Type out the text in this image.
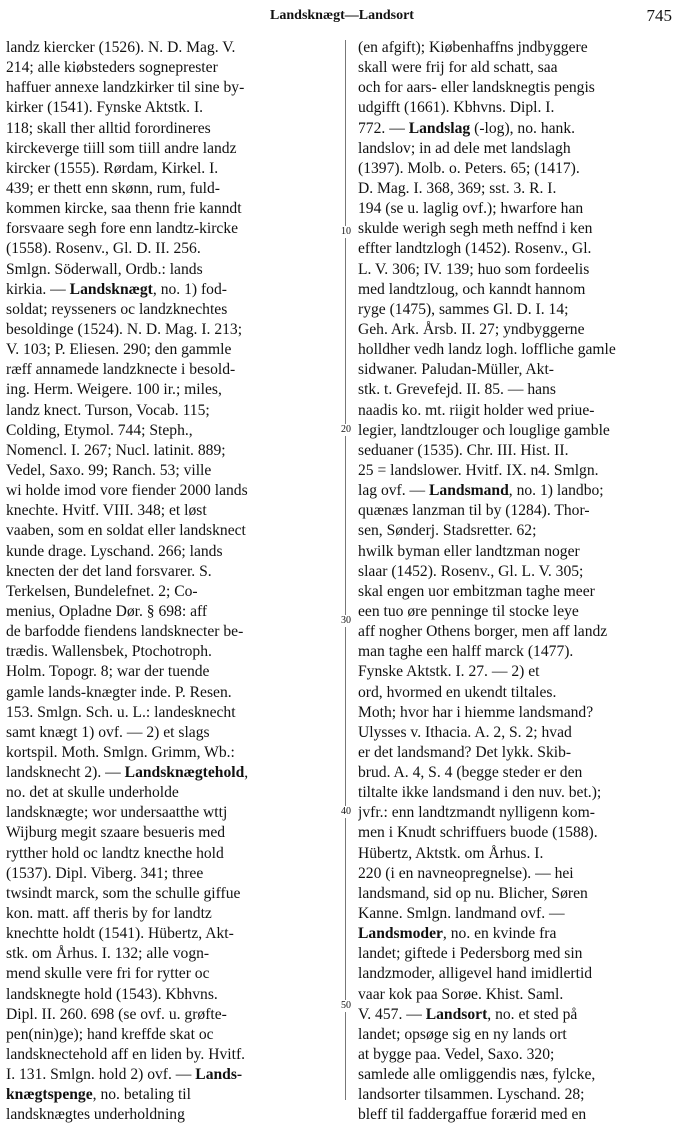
Landsknægt—Landsort	745
landz kiercker (1526). N. D. Mag. V.
214; alle kiøbsteders sogneprester
haffuer annexe landzkirker til sine by-
kirker (1541). Fynske Aktstk. I.
118; skall ther alltid forordineres
kirckeverge tiill som tiill andre landz
kircker (1555). Rørdam, Kirkel. I.
439; er thett enn skønn, rum, fuld-
kommen kircke, saa thenn frie kanndt
forsvaare segh fore enn landtz-kircke
(1558). Rosenv., Gl. D. II. 256.
Smlgn. Söderwall, Ordb.: lands
kirkia. — Landsknægt, no. 1) fod-
soldat; reysseners oc landzknechtes
besoldinge (1524). N. D. Mag. I. 213;
V. 103; P. Eliesen. 290; den gammle
ræff annamede landzknecte i besold-
ing. Herm. Weigere. 100 ir.; miles,
landz knect. Turson, Vocab. 115;
Colding, Etymol. 744; Steph.,
Nomencl. I. 267; Nucl. latinit. 889;
Vedel, Saxo. 99; Ranch. 53; ville
wi holde imod vore fiender 2000 lands
knechte. Hvitf. VIII. 348; et løst
vaaben, som en soldat eller landsknect
kunde drage. Lyschand. 266; lands
knecten der det land forsvarer. S.
Terkelsen, Bundelefnet. 2; Co-
menius, Opladne Dør. § 698: aff
de barfodde fiendens landsknecter be-
trædis. Wallensbek, Ptochotroph.
Holm. Topogr. 8; war der tuende
gamle lands-knægter inde. P. Resen.
153. Smlgn. Sch. u. L.: landesknecht
samt knægt 1) ovf. — 2) et slags
kortspil. Moth. Smlgn. Grimm, Wb.:
landsknecht 2). — Landsknægtehold,
no. det at skulle underholde
landsknægte; wor undersaatthe wttj
Wijburg megit szaare besueris med
rytther hold oc landtz knecthe hold
(1537). Dipl. Viberg. 341; three
twsindt marck, som the schulle giffue
kon. matt. aff theris by for landtz
knechtte holdt (1541). Hübertz, Akt-
stk. om Århus. I. 132; alle vogn-
mend skulle vere fri for rytter oc
landsknegte hold (1543). Kbhvns.
Dipl. II. 260. 698 (se ovf. u. grøfte-
pen(nin)ge); hand kreffde skat oc
landsknectehold aff en liden by. Hvitf.
I. 131. Smlgn. hold 2) ovf. — Lands-
knægtspenge, no. betaling til
landsknægtes underholdning
10
20
30
40
50
(en afgift); Kiøbenhaffns jndbyggere
skall were frij for ald schatt, saa
och for aars- eller landsknegtis pengis
udgifft (1661). Kbhvns. Dipl. I.
772. — Landslag (-log), no. hank.
landslov; in ad dele met landslagh
(1397). Molb. o. Peters. 65; (1417).
D. Mag. I. 368, 369; sst. 3. R. I.
194 (se u. laglig ovf.); hwarfore han
skulde werigh segh meth neffnd i ken
effter landtzlogh (1452). Rosenv., Gl.
L. V. 306; IV. 139; huo som fordeelis
med landtzloug, och kanndt hannom
ryge (1475), sammes Gl. D. I. 14;
Geh. Ark. Årsb. II. 27; yndbyggerne
holldher vedh landz logh. loffliche gamle
sidwaner. Paludan-Müller, Akt-
stk. t. Grevefejd. II. 85. — hans
naadis ko. mt. riigit holder wed priue-
legier, landtzlouger och louglige gamble
seduaner (1535). Chr. III. Hist. II.
25 = landslower. Hvitf. IX. n4. Smlgn.
lag ovf. — Landsmand, no. 1) landbo;
quænæs lanzman til by (1284). Thor-
sen, Sønderj. Stadsretter. 62;
hwilk byman eller landtzman noger
slaar (1452). Rosenv., Gl. L. V. 305;
skal engen uor embitzman taghe meer
een tuo øre penninge til stocke leye
aff nogher Othens borger, men aff landz
man taghe een halff marck (1477).
Fynske Aktstk. I. 27. — 2) et
ord, hvormed en ukendt tiltales.
Moth; hvor har i hiemme landsmand?
Ulysses v. Ithacia. A. 2, S. 2; hvad
er det landsmand? Det lykk. Skib-
brud. A. 4, S. 4 (begge steder er den
tiltalte ikke landsmand i den nuv. bet.);
jvfr.: enn landtzmandt nylligenn kom-
men i Knudt schriffuers buode (1588).
Hübertz, Aktstk. om Århus. I.
220 (i en navneopregnelse). — hei
landsmand, sid op nu. Blicher, Søren
Kanne. Smlgn. landmand ovf. —
Landsmoder, no. en kvinde fra
landet; giftede i Pedersborg med sin
landzmoder, alligevel hand imidlertid
vaar kok paa Sorøe. Khist. Saml.
V. 457. — Landsort, no. et sted på
landet; opsøge sig en ny lands ort
at bygge paa. Vedel, Saxo. 320;
samlede alle omliggendis næs, fylcke,
landsorter tilsammen. Lyschand. 28;
bleff til faddergaffue forærid med en
